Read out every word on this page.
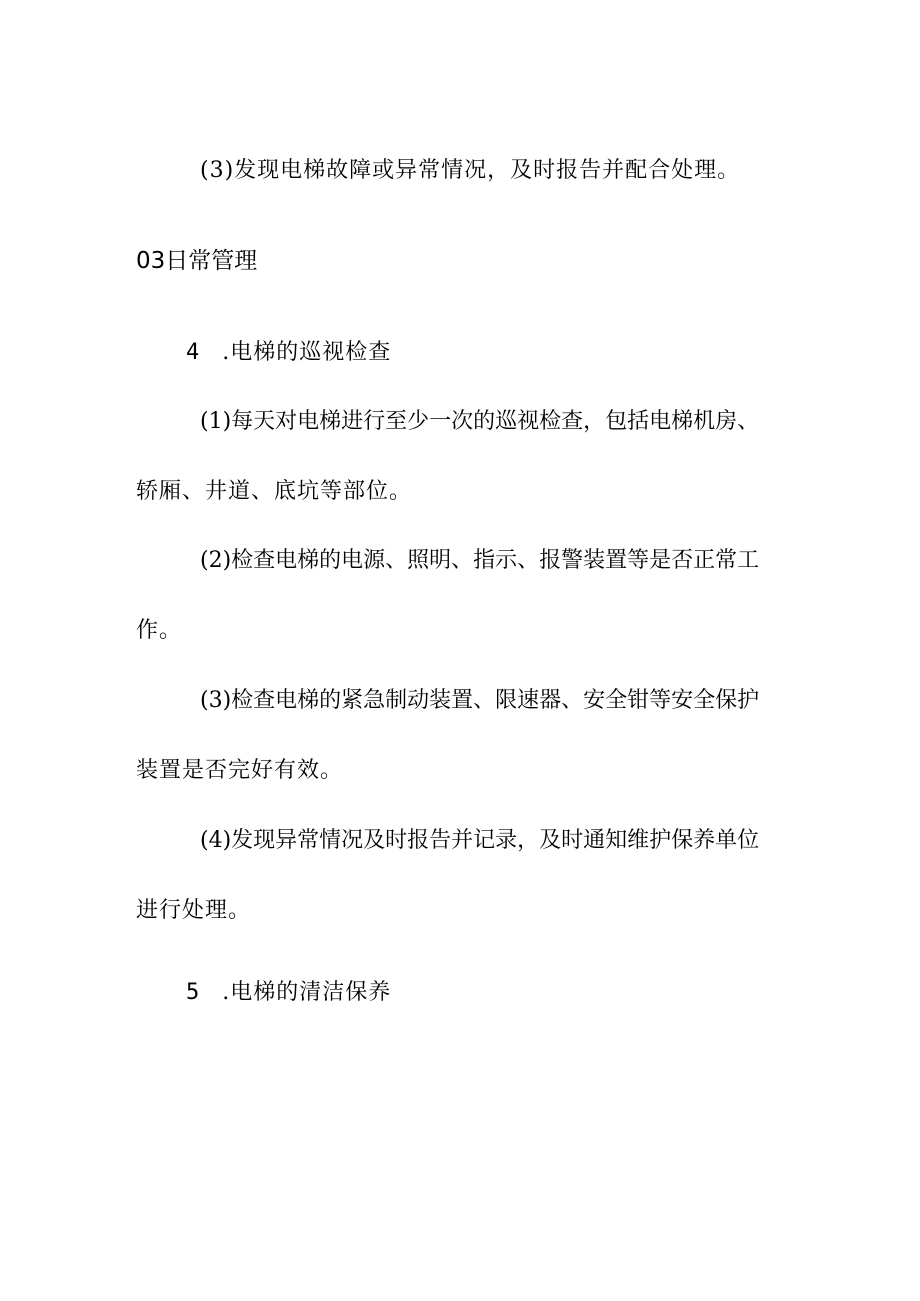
(3)发现电梯故障或异常情况，及时报告并配合处理。
03日常管理
4 .电梯的巡视检查
(1)每天对电梯进行至少一次的巡视检查，包括电梯机房、
轿厢、井道、底坑等部位。
(2)检查电梯的电源、照明、指示、报警装置等是否正常工
作。
(3)检查电梯的紧急制动装置、限速器、安全钳等安全保护
装置是否完好有效。
(4)发现异常情况及时报告并记录，及时通知维护保养单位
进行处理。
5 .电梯的清洁保养
